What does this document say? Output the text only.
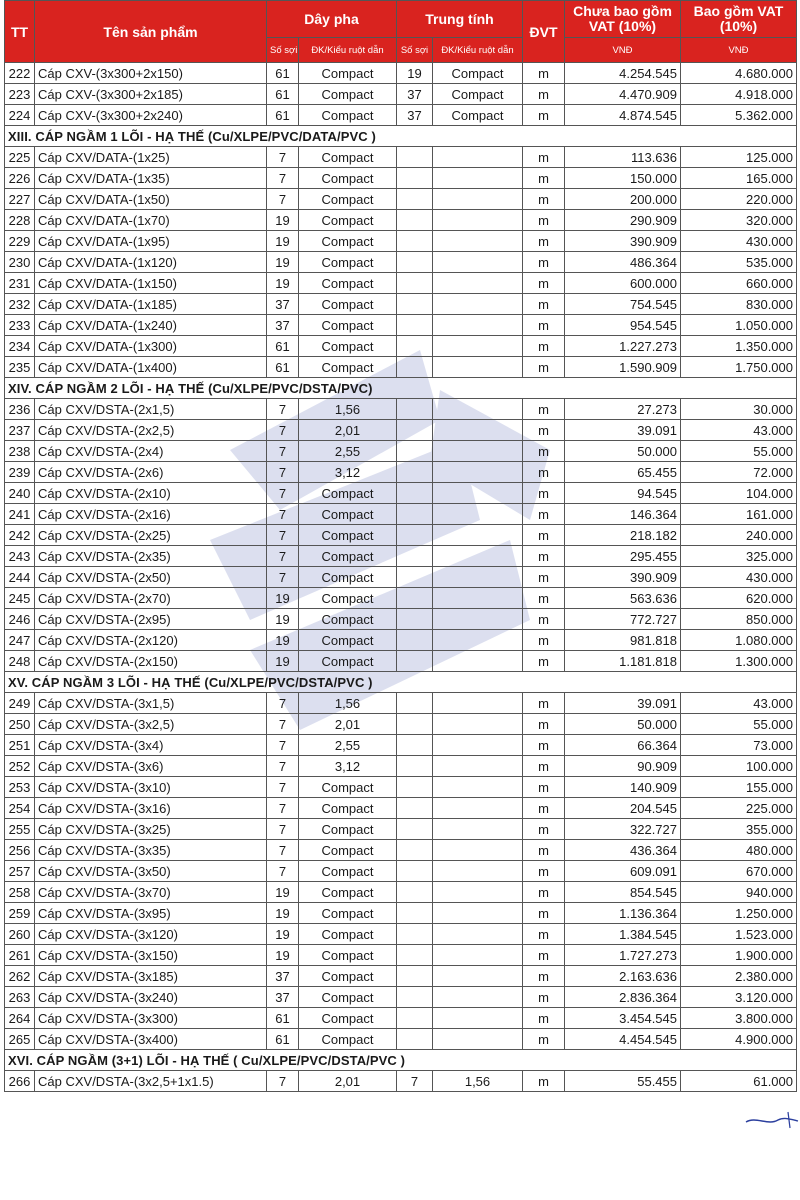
TT	Tên sản phẩm	Dây pha		Trung tính		ĐVT	Chưa bao gồm VAT (10%)	Bao gồm VAT (10%)
		Số sợi	ĐK/Kiểu ruột dẫn	Số sợi	ĐK/Kiểu ruột dẫn		VNĐ	VNĐ
222	Cáp CXV-(3x300+2x150)	61	Compact	19	Compact	m	4.254.545	4.680.000
223	Cáp CXV-(3x300+2x185)	61	Compact	37	Compact	m	4.470.909	4.918.000
224	Cáp CXV-(3x300+2x240)	61	Compact	37	Compact	m	4.874.545	5.362.000
XIII. CÁP NGẦM 1 LÕI - HẠ THẾ (Cu/XLPE/PVC/DATA/PVC )								
225	Cáp CXV/DATA-(1x25)	7	Compact			m	113.636	125.000
226	Cáp CXV/DATA-(1x35)	7	Compact			m	150.000	165.000
227	Cáp CXV/DATA-(1x50)	7	Compact			m	200.000	220.000
228	Cáp CXV/DATA-(1x70)	19	Compact			m	290.909	320.000
229	Cáp CXV/DATA-(1x95)	19	Compact			m	390.909	430.000
230	Cáp CXV/DATA-(1x120)	19	Compact			m	486.364	535.000
231	Cáp CXV/DATA-(1x150)	19	Compact			m	600.000	660.000
232	Cáp CXV/DATA-(1x185)	37	Compact			m	754.545	830.000
233	Cáp CXV/DATA-(1x240)	37	Compact			m	954.545	1.050.000
234	Cáp CXV/DATA-(1x300)	61	Compact			m	1.227.273	1.350.000
235	Cáp CXV/DATA-(1x400)	61	Compact			m	1.590.909	1.750.000
XIV. CÁP NGẦM 2 LÕI - HẠ THẾ (Cu/XLPE/PVC/DSTA/PVC)								
236	Cáp CXV/DSTA-(2x1,5)	7	1,56			m	27.273	30.000
237	Cáp CXV/DSTA-(2x2,5)	7	2,01			m	39.091	43.000
238	Cáp CXV/DSTA-(2x4)	7	2,55			m	50.000	55.000
239	Cáp CXV/DSTA-(2x6)	7	3,12			m	65.455	72.000
240	Cáp CXV/DSTA-(2x10)	7	Compact			m	94.545	104.000
241	Cáp CXV/DSTA-(2x16)	7	Compact			m	146.364	161.000
242	Cáp CXV/DSTA-(2x25)	7	Compact			m	218.182	240.000
243	Cáp CXV/DSTA-(2x35)	7	Compact			m	295.455	325.000
244	Cáp CXV/DSTA-(2x50)	7	Compact			m	390.909	430.000
245	Cáp CXV/DSTA-(2x70)	19	Compact			m	563.636	620.000
246	Cáp CXV/DSTA-(2x95)	19	Compact			m	772.727	850.000
247	Cáp CXV/DSTA-(2x120)	19	Compact			m	981.818	1.080.000
248	Cáp CXV/DSTA-(2x150)	19	Compact			m	1.181.818	1.300.000
XV. CÁP NGẦM 3 LÕI - HẠ THẾ (Cu/XLPE/PVC/DSTA/PVC )								
249	Cáp CXV/DSTA-(3x1,5)	7	1,56			m	39.091	43.000
250	Cáp CXV/DSTA-(3x2,5)	7	2,01			m	50.000	55.000
251	Cáp CXV/DSTA-(3x4)	7	2,55			m	66.364	73.000
252	Cáp CXV/DSTA-(3x6)	7	3,12			m	90.909	100.000
253	Cáp CXV/DSTA-(3x10)	7	Compact			m	140.909	155.000
254	Cáp CXV/DSTA-(3x16)	7	Compact			m	204.545	225.000
255	Cáp CXV/DSTA-(3x25)	7	Compact			m	322.727	355.000
256	Cáp CXV/DSTA-(3x35)	7	Compact			m	436.364	480.000
257	Cáp CXV/DSTA-(3x50)	7	Compact			m	609.091	670.000
258	Cáp CXV/DSTA-(3x70)	19	Compact			m	854.545	940.000
259	Cáp CXV/DSTA-(3x95)	19	Compact			m	1.136.364	1.250.000
260	Cáp CXV/DSTA-(3x120)	19	Compact			m	1.384.545	1.523.000
261	Cáp CXV/DSTA-(3x150)	19	Compact			m	1.727.273	1.900.000
262	Cáp CXV/DSTA-(3x185)	37	Compact			m	2.163.636	2.380.000
263	Cáp CXV/DSTA-(3x240)	37	Compact			m	2.836.364	3.120.000
264	Cáp CXV/DSTA-(3x300)	61	Compact			m	3.454.545	3.800.000
265	Cáp CXV/DSTA-(3x400)	61	Compact			m	4.454.545	4.900.000
XVI. CÁP NGẦM (3+1) LÕI - HẠ THẾ ( Cu/XLPE/PVC/DSTA/PVC )								
266	Cáp CXV/DSTA-(3x2,5+1x1.5)	7	2,01	7	1,56	m	55.455	61.000
